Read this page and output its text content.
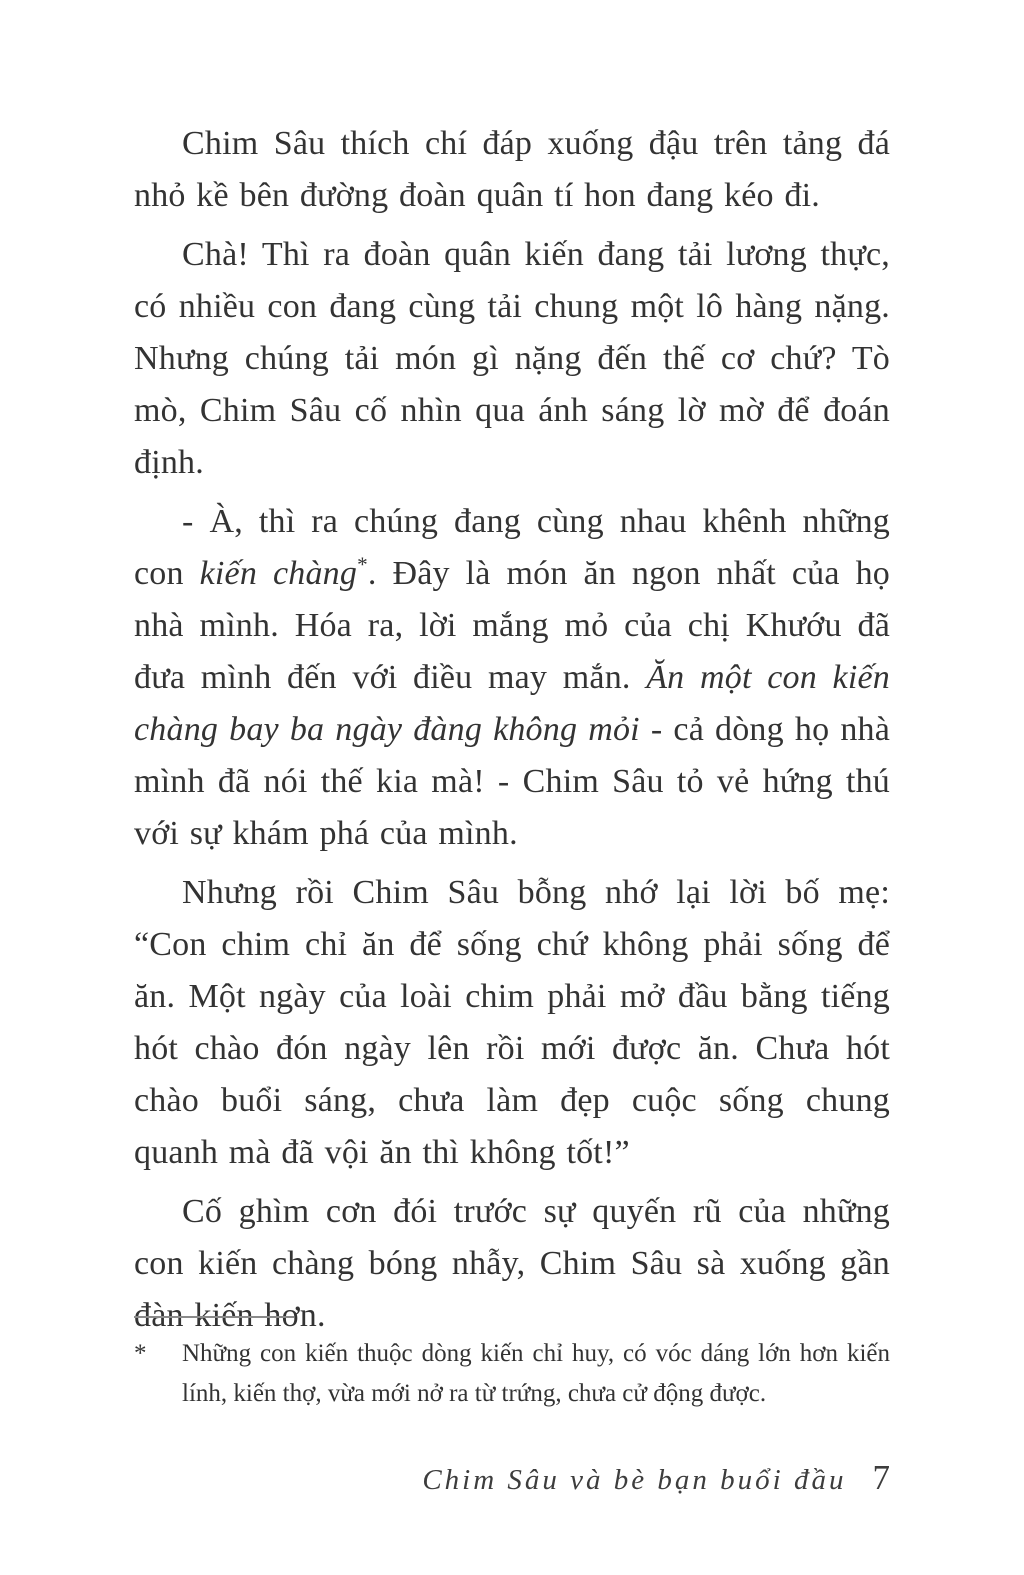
Chim Sâu thích chí đáp xuống đậu trên tảng đá nhỏ kề bên đường đoàn quân tí hon đang kéo đi.

Chà! Thì ra đoàn quân kiến đang tải lương thực, có nhiều con đang cùng tải chung một lô hàng nặng. Nhưng chúng tải món gì nặng đến thế cơ chứ? Tò mò, Chim Sâu cố nhìn qua ánh sáng lờ mờ để đoán định.

- À, thì ra chúng đang cùng nhau khênh những con kiến chàng*. Đây là món ăn ngon nhất của họ nhà mình. Hóa ra, lời mắng mỏ của chị Khướu đã đưa mình đến với điều may mắn. Ăn một con kiến chàng bay ba ngày đàng không mỏi - cả dòng họ nhà mình đã nói thế kia mà! - Chim Sâu tỏ vẻ hứng thú với sự khám phá của mình.

Nhưng rồi Chim Sâu bỗng nhớ lại lời bố mẹ: “Con chim chỉ ăn để sống chứ không phải sống để ăn. Một ngày của loài chim phải mở đầu bằng tiếng hót chào đón ngày lên rồi mới được ăn. Chưa hót chào buổi sáng, chưa làm đẹp cuộc sống chung quanh mà đã vội ăn thì không tốt!”

Cố ghìm cơn đói trước sự quyến rũ của những con kiến chàng bóng nhẫy, Chim Sâu sà xuống gần đàn kiến hơn.

*	Những con kiến thuộc dòng kiến chỉ huy, có vóc dáng lớn hơn kiến lính, kiến thợ, vừa mới nở ra từ trứng, chưa cử động được.
Chim Sâu và bè bạn buổi đầu 7
